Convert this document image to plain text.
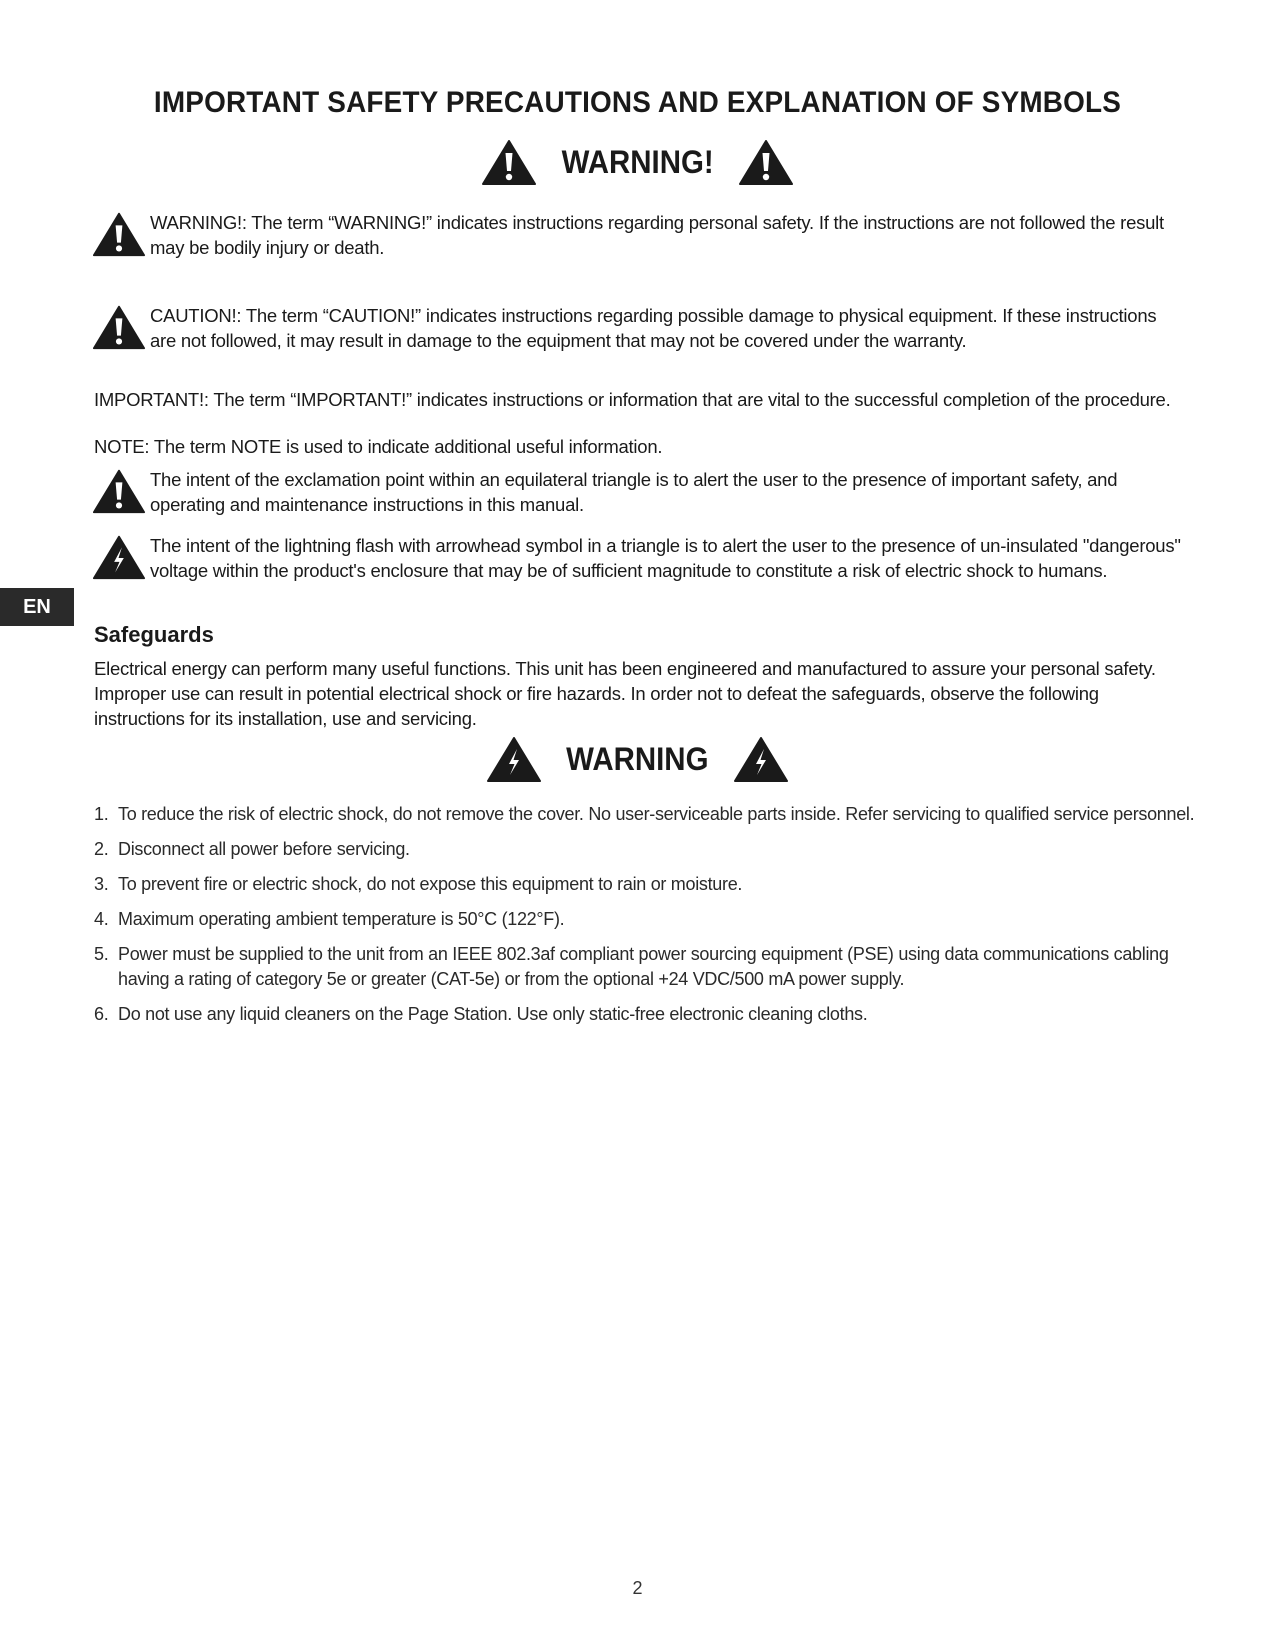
IMPORTANT SAFETY PRECAUTIONS AND EXPLANATION OF SYMBOLS
WARNING!
WARNING!: The term “WARNING!” indicates instructions regarding personal safety. If the instructions are not followed the result may be bodily injury or death.
CAUTION!: The term “CAUTION!” indicates instructions regarding possible damage to physical equipment. If these instructions are not followed, it may result in damage to the equipment that may not be covered under the warranty.

IMPORTANT!: The term “IMPORTANT!” indicates instructions or information that are vital to the successful completion of the procedure.

NOTE: The term NOTE is used to indicate additional useful information.

The intent of the exclamation point within an equilateral triangle is to alert the user to the presence of important safety, and operating and maintenance instructions in this manual.
The intent of the lightning flash with arrowhead symbol in a triangle is to alert the user to the presence of un-insulated "dangerous" voltage within the product's enclosure that may be of sufficient magnitude to constitute a risk of electric shock to humans.
EN
Safeguards

Electrical energy can perform many useful functions. This unit has been engineered and manufactured to assure your personal safety. Improper use can result in potential electrical shock or fire hazards. In order not to defeat the safeguards, observe the following instructions for its installation, use and servicing.

WARNING
1. To reduce the risk of electric shock, do not remove the cover. No user-serviceable parts inside. Refer servicing to qualified service personnel.
2. Disconnect all power before servicing.
3. To prevent fire or electric shock, do not expose this equipment to rain or moisture.
4. Maximum operating ambient temperature is 50°C (122°F).
5. Power must be supplied to the unit from an IEEE 802.3af compliant power sourcing equipment (PSE) using data communications cabling having a rating of category 5e or greater (CAT-5e) or from the optional +24 VDC/500 mA power supply.
6. Do not use any liquid cleaners on the Page Station. Use only static-free electronic cleaning cloths.
2
